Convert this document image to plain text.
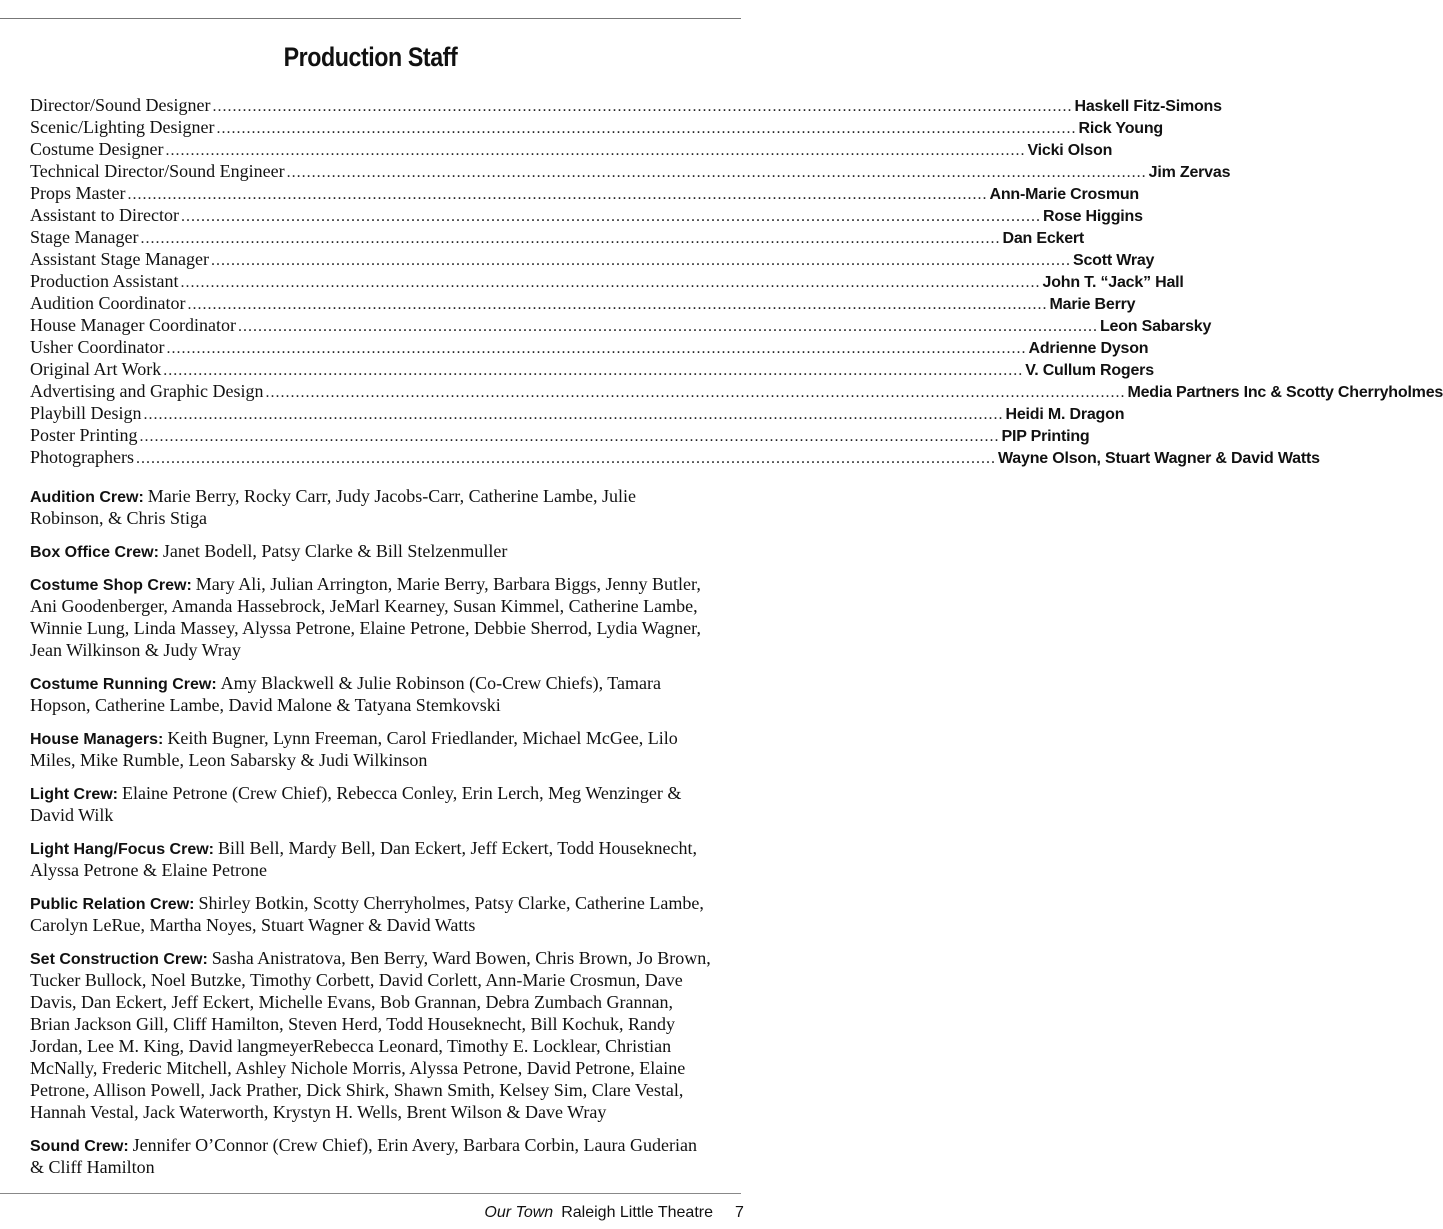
Production Staff
Director/Sound Designer .....	Haskell Fitz-Simons
Scenic/Lighting Designer .....	Rick Young
Costume Designer .....	Vicki Olson
Technical Director/Sound Engineer .....	Jim Zervas
Props Master .....	Ann-Marie Crosmun
Assistant to Director .....	Rose Higgins
Stage Manager .....	Dan Eckert
Assistant Stage Manager .....	Scott Wray
Production Assistant .....	John T. “Jack” Hall
Audition Coordinator .....	Marie Berry
House Manager Coordinator .....	Leon Sabarsky
Usher Coordinator .....	Adrienne Dyson
Original Art Work .....	V. Cullum Rogers
Advertising and Graphic Design .....	Media Partners Inc & Scotty Cherryholmes
Playbill Design .....	Heidi M. Dragon
Poster Printing .....	PIP Printing
Photographers .....	Wayne Olson, Stuart Wagner & David Watts

Audition Crew: Marie Berry, Rocky Carr, Judy Jacobs-Carr, Catherine Lambe, Julie Robinson, & Chris Stiga

Box Office Crew: Janet Bodell, Patsy Clarke & Bill Stelzenmuller

Costume Shop Crew: Mary Ali, Julian Arrington, Marie Berry, Barbara Biggs, Jenny Butler, Ani Goodenberger, Amanda Hassebrock, JeMarl Kearney, Susan Kimmel, Catherine Lambe, Winnie Lung, Linda Massey, Alyssa Petrone, Elaine Petrone, Debbie Sherrod, Lydia Wagner, Jean Wilkinson & Judy Wray

Costume Running Crew: Amy Blackwell & Julie Robinson (Co-Crew Chiefs), Tamara Hopson, Catherine Lambe, David Malone & Tatyana Stemkovski

House Managers: Keith Bugner, Lynn Freeman, Carol Friedlander, Michael McGee, Lilo Miles, Mike Rumble, Leon Sabarsky & Judi Wilkinson

Light Crew: Elaine Petrone (Crew Chief), Rebecca Conley, Erin Lerch, Meg Wenzinger & David Wilk

Light Hang/Focus Crew: Bill Bell, Mardy Bell, Dan Eckert, Jeff Eckert, Todd Houseknecht, Alyssa Petrone & Elaine Petrone

Public Relation Crew: Shirley Botkin, Scotty Cherryholmes, Patsy Clarke, Catherine Lambe, Carolyn LeRue, Martha Noyes, Stuart Wagner & David Watts

Set Construction Crew: Sasha Anistratova, Ben Berry, Ward Bowen, Chris Brown, Jo Brown, Tucker Bullock, Noel Butzke, Timothy Corbett, David Corlett, Ann-Marie Crosmun, Dave Davis, Dan Eckert, Jeff Eckert, Michelle Evans, Bob Grannan, Debra Zumbach Grannan, Brian Jackson Gill, Cliff Hamilton, Steven Herd, Todd Houseknecht, Bill Kochuk, Randy Jordan, Lee M. King, David langmeyerRebecca Leonard, Timothy E. Locklear, Christian McNally, Frederic Mitchell, Ashley Nichole Morris, Alyssa Petrone, David Petrone, Elaine Petrone, Allison Powell, Jack Prather, Dick Shirk, Shawn Smith, Kelsey Sim, Clare Vestal, Hannah Vestal, Jack Waterworth, Krystyn H. Wells, Brent Wilson & Dave Wray

Sound Crew: Jennifer O’Connor (Crew Chief), Erin Avery, Barbara Corbin, Laura Guderian & Cliff Hamilton

Our Town Raleigh Little Theatre 7
